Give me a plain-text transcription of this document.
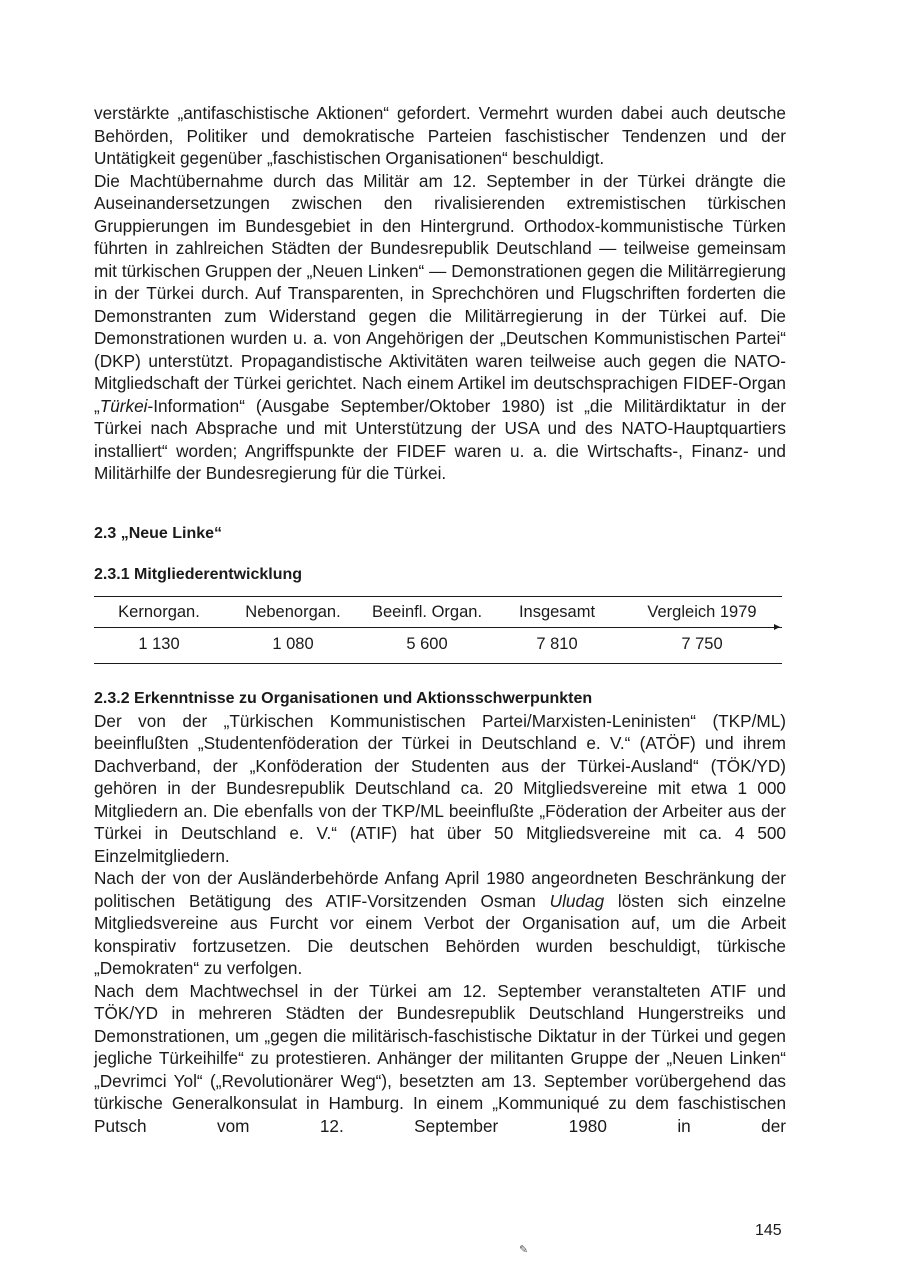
verstärkte „antifaschistische Aktionen“ gefordert. Vermehrt wurden dabei auch deutsche Behörden, Politiker und demokratische Parteien faschistischer Tendenzen und der Untätigkeit gegenüber „faschistischen Organisationen“ beschuldigt.

Die Machtübernahme durch das Militär am 12. September in der Türkei drängte die Auseinandersetzungen zwischen den rivalisierenden extremistischen türkischen Gruppierungen im Bundesgebiet in den Hintergrund. Orthodox-kommunistische Türken führten in zahlreichen Städten der Bundesrepublik Deutschland — teilweise gemeinsam mit türkischen Gruppen der „Neuen Linken“ — Demonstrationen gegen die Militärregierung in der Türkei durch. Auf Transparenten, in Sprechchören und Flugschriften forderten die Demonstranten zum Widerstand gegen die Militärregierung in der Türkei auf. Die Demonstrationen wurden u. a. von Angehörigen der „Deutschen Kommunistischen Partei“ (DKP) unterstützt. Propagandistische Aktivitäten waren teilweise auch gegen die NATO-Mitgliedschaft der Türkei gerichtet. Nach einem Artikel im deutschsprachigen FIDEF-Organ „Türkei-Information“ (Ausgabe September/Oktober 1980) ist „die Militärdiktatur in der Türkei nach Absprache und mit Unterstützung der USA und des NATO-Hauptquartiers installiert“ worden; Angriffspunkte der FIDEF waren u. a. die Wirtschafts-, Finanz- und Militärhilfe der Bundesregierung für die Türkei.

2.3 „Neue Linke“
2.3.1 Mitgliederentwicklung
Kernorgan.	Nebenorgan.	Beeinfl. Organ.	Insgesamt	Vergleich 1979
1 130	1 080	5 600	7 810	7 750
2.3.2 Erkenntnisse zu Organisationen und Aktionsschwerpunkten

Der von der „Türkischen Kommunistischen Partei/Marxisten-Leninisten“ (TKP/ML) beeinflußten „Studentenföderation der Türkei in Deutschland e. V.“ (ATÖF) und ihrem Dachverband, der „Konföderation der Studenten aus der Türkei-Ausland“ (TÖK/YD) gehören in der Bundesrepublik Deutschland ca. 20 Mitgliedsvereine mit etwa 1 000 Mitgliedern an. Die ebenfalls von der TKP/ML beeinflußte „Föderation der Arbeiter aus der Türkei in Deutschland e. V.“ (ATIF) hat über 50 Mitgliedsvereine mit ca. 4 500 Einzelmitgliedern.

Nach der von der Ausländerbehörde Anfang April 1980 angeordneten Beschränkung der politischen Betätigung des ATIF-Vorsitzenden Osman Uludag lösten sich einzelne Mitgliedsvereine aus Furcht vor einem Verbot der Organisation auf, um die Arbeit konspirativ fortzusetzen. Die deutschen Behörden wurden beschuldigt, türkische „Demokraten“ zu verfolgen.

Nach dem Machtwechsel in der Türkei am 12. September veranstalteten ATIF und TÖK/YD in mehreren Städten der Bundesrepublik Deutschland Hungerstreiks und Demonstrationen, um „gegen die militärisch-faschistische Diktatur in der Türkei und gegen jegliche Türkeihilfe“ zu protestieren. Anhänger der militanten Gruppe der „Neuen Linken“ „Devrimci Yol“ („Revolutionärer Weg“), besetzten am 13. September vorübergehend das türkische Generalkonsulat in Hamburg. In einem „Kommuniqué zu dem faschistischen Putsch vom 12. September 1980 in der

145
✎
